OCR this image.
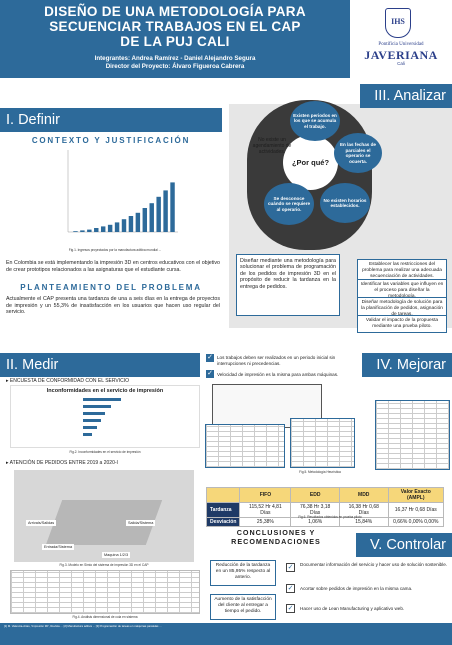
DISEÑO DE UNA METODOLOGÍA PARA
SECUENCIAR TRABAJOS EN EL CAP
DE LA PUJ CALI
Integrantes: Andrea Ramírez - Daniel Alejandro Segura
Director del Proyecto: Álvaro Figueroa Cabrera
IHS
Pontificia Universidad
JAVERIANA
Cali
I. Definir
CONTEXTO Y JUSTIFICACIÓN
Fig.1. Ingresos proyectados por la manufactura aditiva mundial ...
En Colombia se está implementando la impresión 3D en centros educativos con el objetivo de crear prototipos relacionados a las asignaturas que el estudiante cursa.
PLANTEAMIENTO DEL PROBLEMA
Actualmente el CAP presenta una tardanza de una a seis días en la entrega de proyectos de impresión y un 55,3% de insatisfacción en los usuarios que hacen uso regular del servicio.
III. Analizar
¿Por qué?
Existen periodos en los que se acumula el trabajo.
En las fechas de parciales el operario se ocuerta.
No existen horarios establecidos.
Se desconoce cuándo se requiere al operario.
No existe un agendamiento de actividades.
Diseñar mediante una metodología para solucionar el problema de programación de los pedidos de impresión 3D en el propósito de reducir la tardanza en la entrega de pedidos.
Establecer las restricciones del problema para realizar una adecuada secuenciación de actividades.
Identificar las variables que influyen en el proceso para diseñar la
Diseñar metodología de solución para la planificación de pedidos, asignación
Validar el impacto de la propuesta mediante una prueba piloto.
II. Medir
▸ ENCUESTA DE CONFORMIDAD CON EL SERVICIO
Inconformidades en el servicio de impresión
Fig.2. Inconformidades en el servicio de impresión
▸ ATENCIÓN DE PEDIDOS ENTRE 2019 a 2020-I
Arrivals/Salidas	Salida/Sistema
Entrada/Sistema
Maquina 1/2/3
Fig.3. Modelo en Simio del sistema de impresión 3D en el CAP
Fig.4. Análisis dimensional de cola en sistema
IV. Mejorar
✓ Los trabajos deben ser realizados en un periodo inicial sin interrupciones ni precedencias.
✓ Velocidad de impresión es la misma para ambas máquinas.
Fig.5. Metodología Heurística
	FIFO	EDD	MDD	Valor Exacto (AMPL)
Tardanza	115,52 Hr 4,81 Días	76,38 Hr 3,18 Días	16,38 Hr 0,68 Días	16,37 Hr 0,68 Días
Desviación	25,38%	1,06%	15,84%	0,66% 0,00% 0,00%
Fig.6. Resultados obtenidos en prueba piloto
CONCLUSIONES Y
RECOMENDACIONES	V. Controlar
Reducción de la tardanza en un 85,95% respecto al anterio.
Aumento de la satisfacción del cliente al entregar a tiempo el pedido.
✓	Documentar información del servicio y hacer uso de solución sostenible.
✓	Acortar sobre pedidos de impresión en la misma cama.
✓	Hacer uso de Lean Manufacturing y aplicativo web.
[1] M. Valencia-Arias, 'Impresión 3D', Revista ... [2] Manufactura aditiva ... [3] Programación de tareas en máquinas paralelas ...
